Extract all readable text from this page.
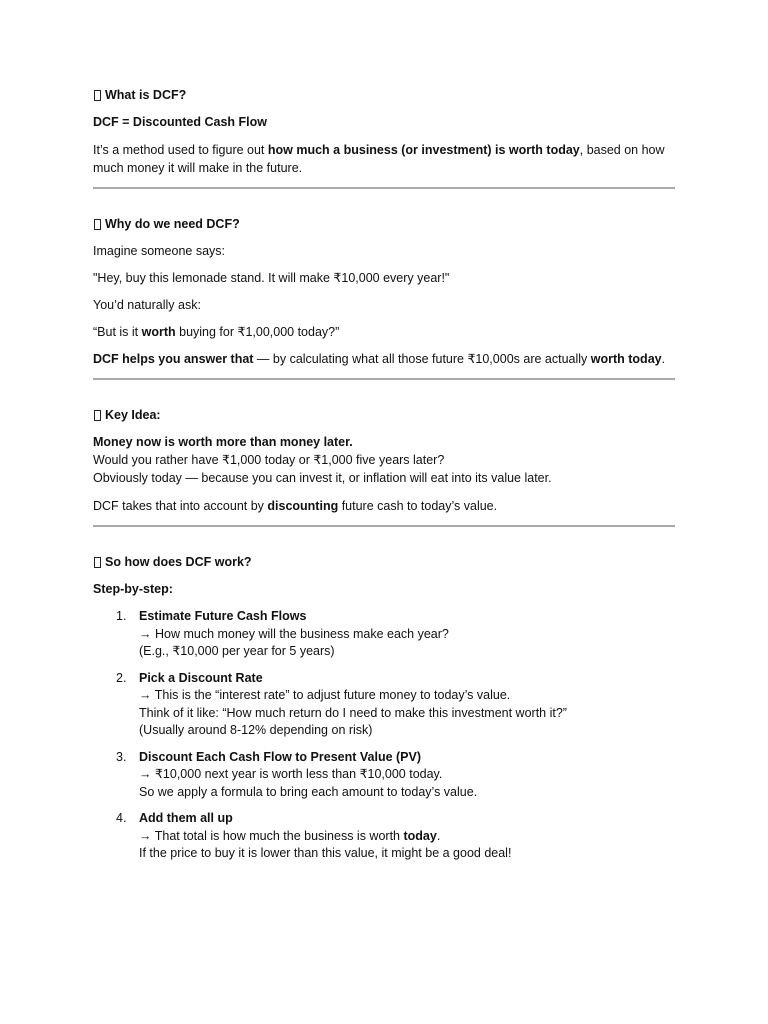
What is DCF?

DCF = Discounted Cash Flow

It’s a method used to figure out how much a business (or investment) is worth today, based on how much money it will make in the future.

Why do we need DCF?

Imagine someone says:

"Hey, buy this lemonade stand. It will make ₹10,000 every year!"

You’d naturally ask:

“But is it worth buying for ₹1,00,000 today?”

DCF helps you answer that — by calculating what all those future ₹10,000s are actually worth today.

Key Idea:

Money now is worth more than money later.

Would you rather have ₹1,000 today or ₹1,000 five years later?

Obviously today — because you can invest it, or inflation will eat into its value later.

DCF takes that into account by discounting future cash to today’s value.

So how does DCF work?

Step-by-step:

1. Estimate Future Cash Flows
→ How much money will the business make each year?
(E.g., ₹10,000 per year for 5 years)
2. Pick a Discount Rate
→ This is the “interest rate” to adjust future money to today’s value.
Think of it like: “How much return do I need to make this investment worth it?”
(Usually around 8-12% depending on risk)
3. Discount Each Cash Flow to Present Value (PV)
→ ₹10,000 next year is worth less than ₹10,000 today.
So we apply a formula to bring each amount to today’s value.
4. Add them all up
→ That total is how much the business is worth today.
If the price to buy it is lower than this value, it might be a good deal!
